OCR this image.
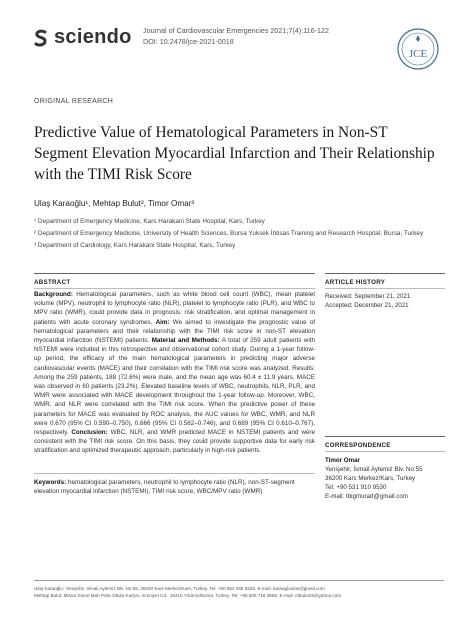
sciendo Journal of Cardiovascular Emergencies 2021;7(4):116-122
DOI: 10.2478/jce-2021-0018
JCE
ORIGINAL RESEARCH
Predictive Value of Hematological Parameters in Non-ST Segment Elevation Myocardial Infarction and Their Relationship with the TIMI Risk Score
Ulaş Karaoğlu¹, Mehtap Bulut², Timor Omar³
¹ Department of Emergency Medicine, Kars Harakani State Hospital, Kars, Turkey
² Department of Emergency Medicine, University of Health Sciences, Bursa Yuksek İhtisas Training and Research Hospital, Bursa, Turkey
³ Department of Cardiology, Kars Harakani State Hospital, Kars, Turkey
ABSTRACT
Background: Hematological parameters, such as white blood cell count (WBC), mean platelet volume (MPV), neutrophil to lymphocyte ratio (NLR), platelet to lymphocyte ratio (PLR), and WBC to MPV ratio (WMR), could provide data in prognosis, risk stratification, and optimal management in patients with acute coronary syndromes. Aim: We aimed to investigate the prognostic value of hematological parameters and their relationship with the TIMI risk score in non-ST elevation myocardial infarction (NSTEMI) patients. Material and Methods: A total of 259 adult patients with NSTEMI were included in this retrospective and observational cohort study. During a 1-year follow-up period, the efficacy of the main hematological parameters in predicting major adverse cardiovascular events (MACE) and their correlation with the TIMI risk score was analyzed. Results: Among the 259 patients, 188 (72.6%) were male, and the mean age was 60.4 ± 11.9 years. MACE was observed in 60 patients (23.2%). Elevated baseline levels of WBC, neutrophils, NLR, PLR, and WMR were associated with MACE development throughout the 1-year follow-up. Moreover, WBC, WMR, and NLR were correlated with the TIMI risk score. When the predictive power of these parameters for MACE was evaluated by ROC analysis, the AUC values for WBC, WMR, and NLR were 0.670 (95% CI 0.590–0.750), 0.666 (95% CI 0.582–0.746), and 0.689 (95% CI 0.610–0.767), respectively. Conclusion: WBC, NLR, and WMR predicted MACE in NSTEMI patients and were consistent with the TIMI risk score. On this basis, they could provide supportive data for early risk stratification and optimized therapeutic approach, particularly in high-risk patients.
Keywords: hematological parameters, neutrophil to lymphocyte ratio (NLR), non-ST-segment elevation myocardial infarction (NSTEMI), TIMI risk score, WBC/MPV ratio (WMR)
ARTICLE HISTORY
Received: September 21, 2021
Accepted: December 21, 2021
CORRESPONDENCE
Timor Omar
Yenişehir, İsmail Aytemiz Blv. No:55
36200 Kars Merkez/Kars, Turkey
Tel: +90 531 910 9530
E-mail: tbigmurad@gmail.com
Ulaş Karaoğlu: Yenişehir, İsmail Aytemiz Blv. No:55, 36200 Kars Merkez/Kars, Turkey. Tel: +90 554 298 9228, E-mail: karaogluulas@gmail.com
Mehtap Bulut: Mimar Sinan Mah Polis Okulu Karşısı, Emniyet Cd., 16310 Yıldırım/Bursa, Turkey. Tel: +90 505 716 3655, E-mail: mbulut19@yahoo.com
